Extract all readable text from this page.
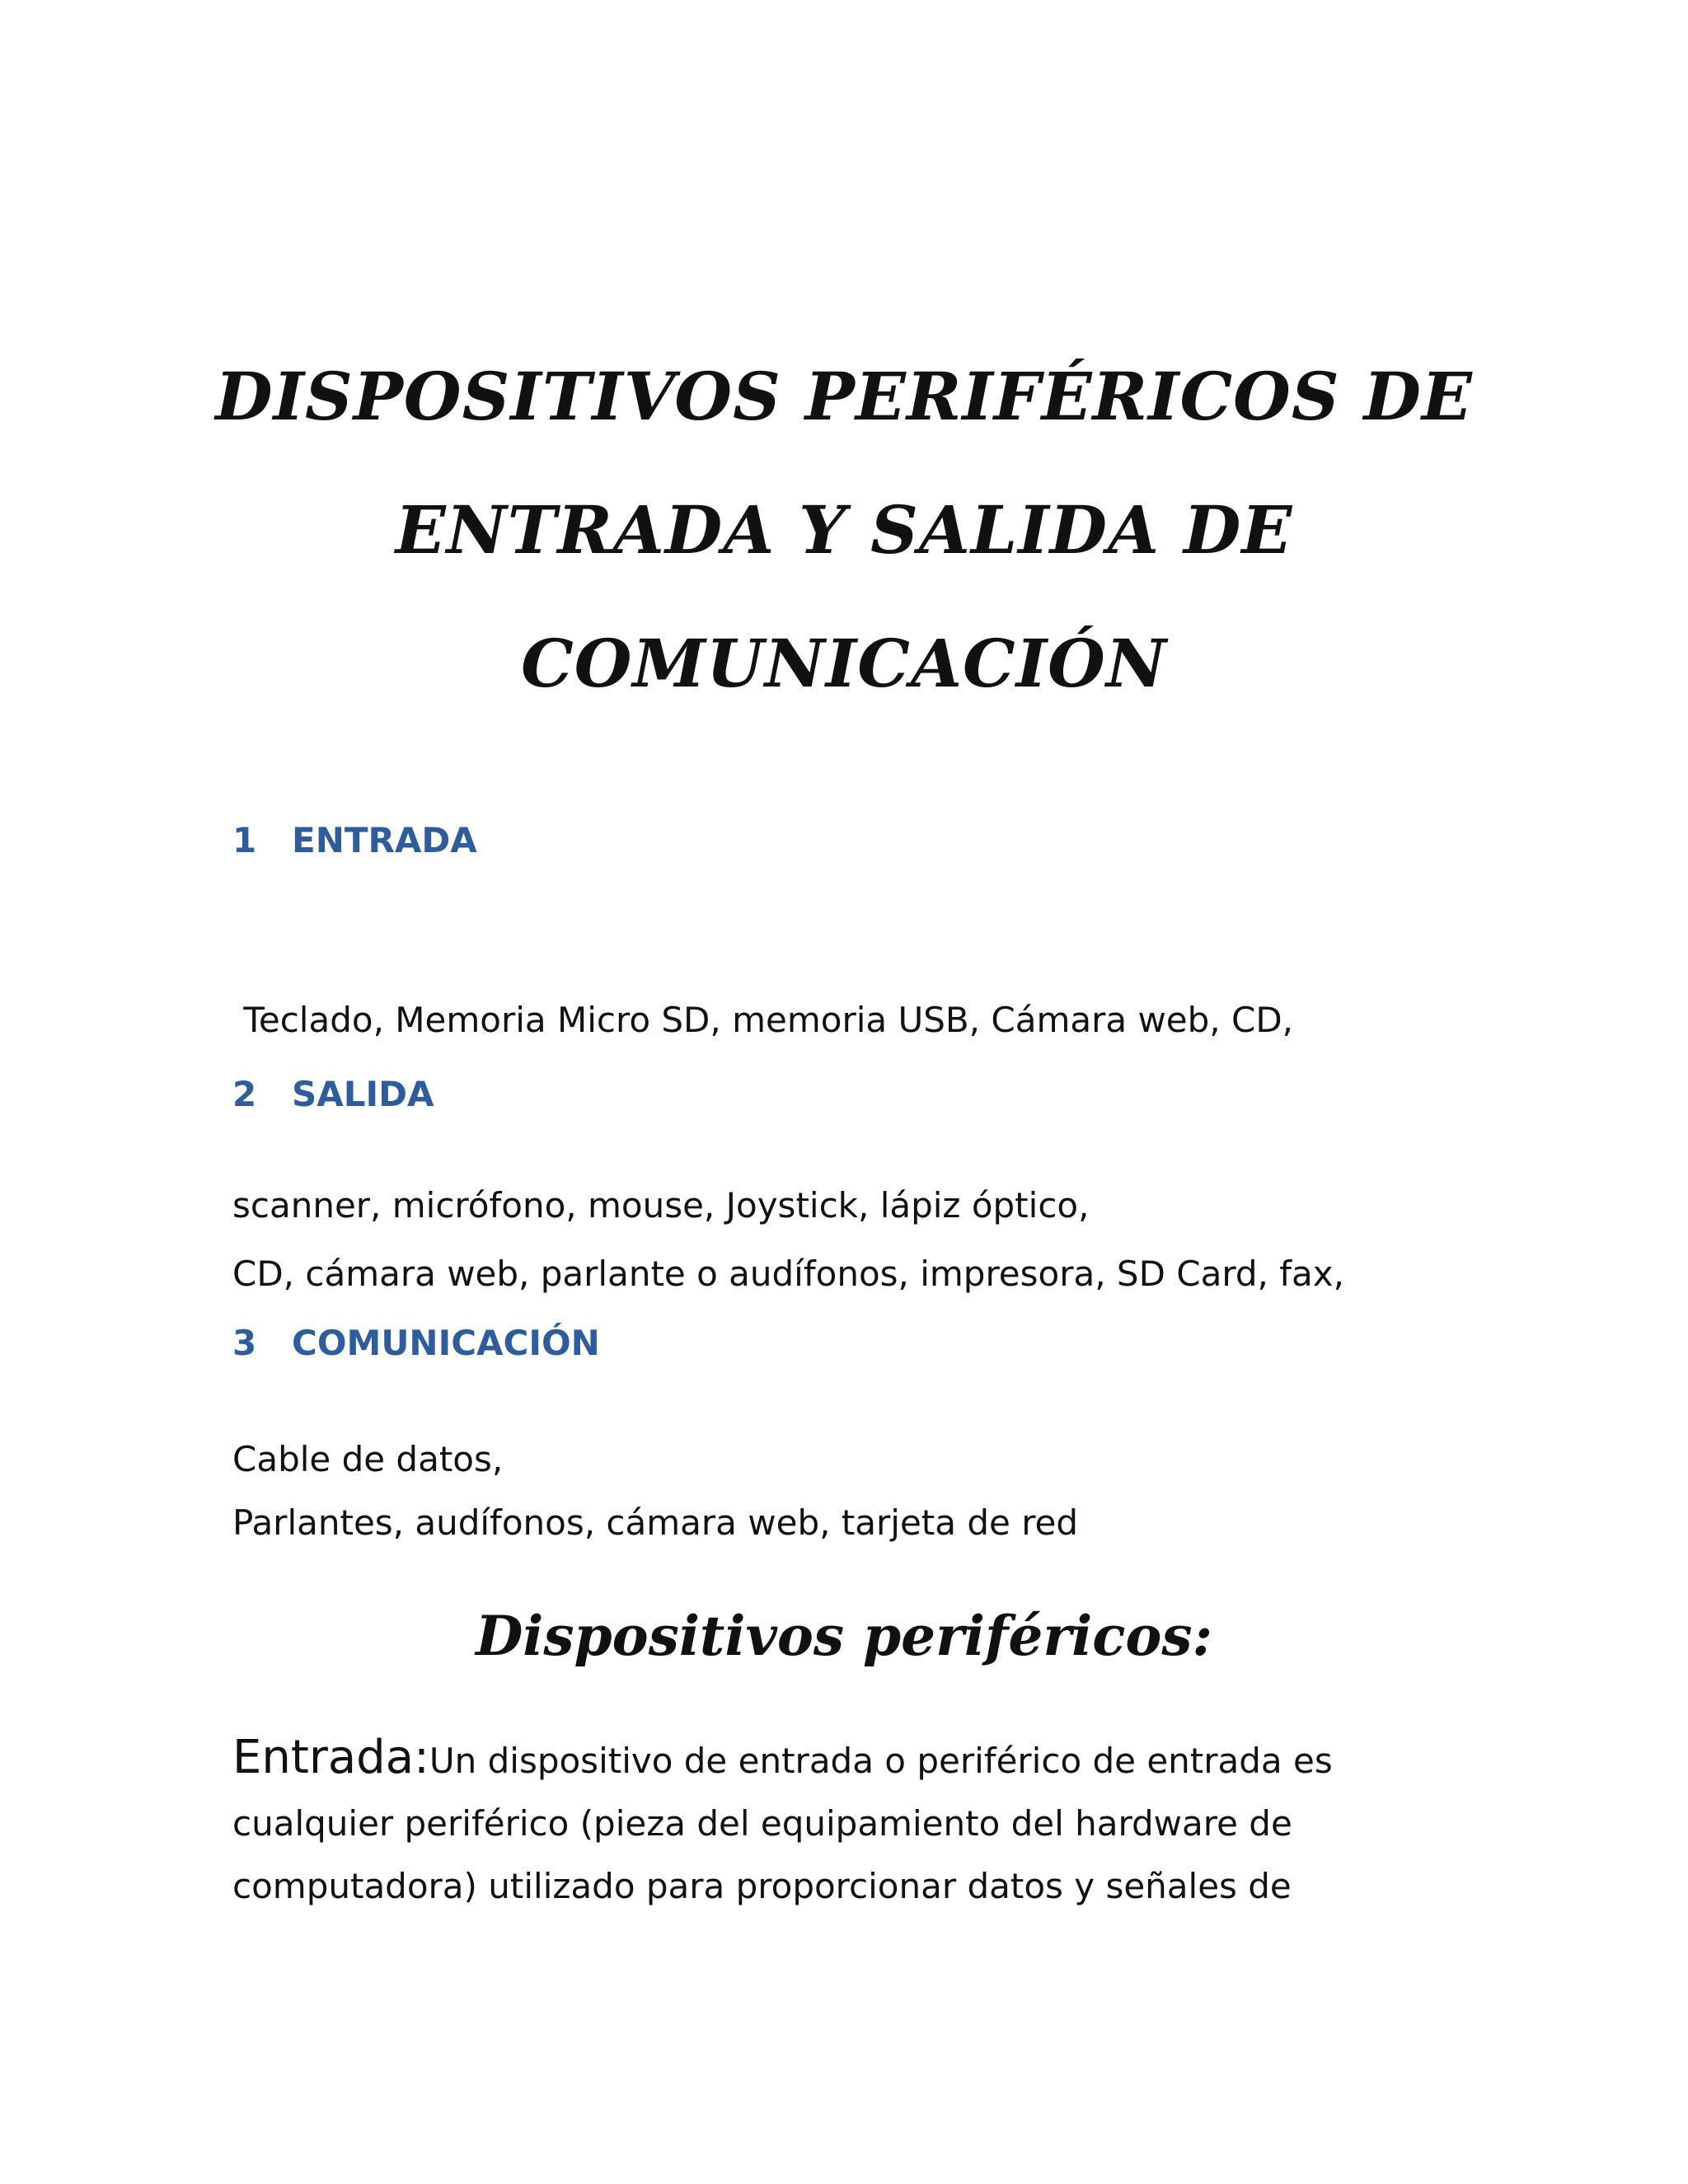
DISPOSITIVOS PERIFÉRICOS DE
ENTRADA Y SALIDA DE
COMUNICACIÓN
1 ENTRADA

Teclado, Memoria Micro SD, memoria USB, Cámara web, CD,

scanner, micrófono, mouse, Joystick, lápiz óptico,

2 SALIDA

CD, cámara web, parlante o audífonos, impresora, SD Card, fax,

Cable de datos,

3 COMUNICACIÓN

Parlantes, audífonos, cámara web, tarjeta de red

Dispositivos periféricos:
Entrada:Un dispositivo de entrada o periférico de entrada es
cualquier periférico (pieza del equipamiento del hardware de
computadora) utilizado para proporcionar datos y señales de
